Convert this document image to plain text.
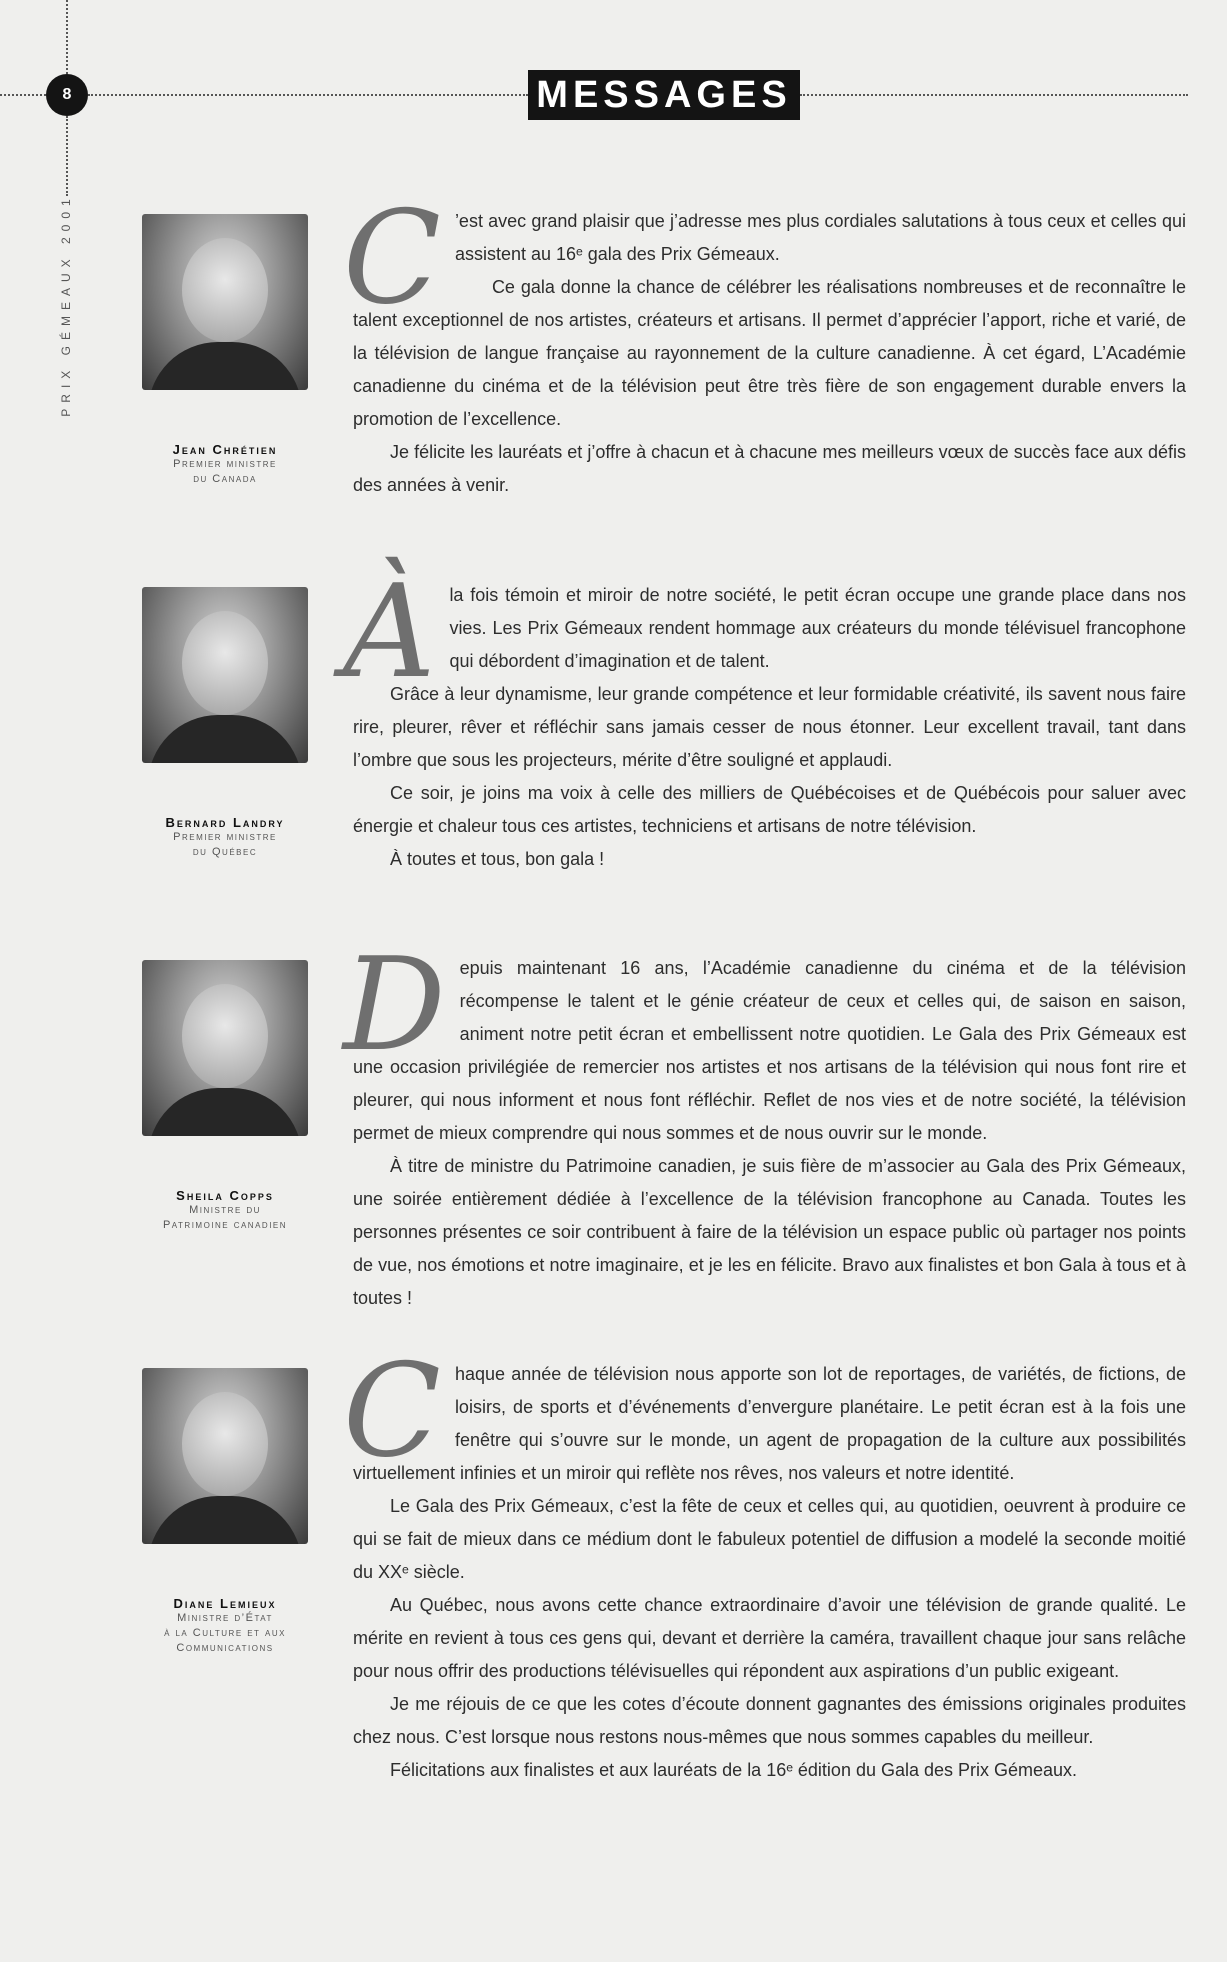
8	MESSAGES
PRIX GÉMEAUX 2001
Jean Chrétien
Premier ministre
du Canada

C ’est avec grand plaisir que j’adresse mes plus cordiales salutations à tous ceux et celles qui assistent au 16ᵉ gala des Prix Gémeaux.

Ce gala donne la chance de célébrer les réalisations nombreuses et de reconnaître le talent exceptionnel de nos artistes, créateurs et artisans. Il permet d’apprécier l’apport, riche et varié, de la télévision de langue française au rayonnement de la culture canadienne. À cet égard, L’Académie canadienne du cinéma et de la télévision peut être très fière de son engagement durable envers la promotion de l’excellence.

Je félicite les lauréats et j’offre à chacun et à chacune mes meilleurs vœux de succès face aux défis des années à venir.

Bernard Landry
Premier ministre
du Québec

Àla fois témoin et miroir de notre société, le petit écran occupe une grande place dans nos vies. Les Prix Gémeaux rendent hommage aux créateurs du monde télévisuel francophone qui débordent d’imagination et de talent.

Grâce à leur dynamisme, leur grande compétence et leur formidable créativité, ils savent nous faire rire, pleurer, rêver et réfléchir sans jamais cesser de nous étonner. Leur excellent travail, tant dans l’ombre que sous les projecteurs, mérite d’être souligné et applaudi.

Ce soir, je joins ma voix à celle des milliers de Québécoises et de Québécois pour saluer avec énergie et chaleur tous ces artistes, techniciens et artisans de notre télévision.

À toutes et tous, bon gala !

Sheila Copps
Ministre du
Patrimoine canadien

Depuis maintenant 16 ans, l’Académie canadienne du cinéma et de la télévision récompense le talent et le génie créateur de ceux et celles qui, de saison en saison, animent notre petit écran et embellissent notre quotidien. Le Gala des Prix Gémeaux est une occasion privilégiée de remercier nos artistes et nos artisans de la télévision qui nous font rire et pleurer, qui nous informent et nous font réfléchir. Reflet de nos vies et de notre société, la télévision permet de mieux comprendre qui nous sommes et de nous ouvrir sur le monde.

À titre de ministre du Patrimoine canadien, je suis fière de m’associer au Gala des Prix Gémeaux, une soirée entièrement dédiée à l’excellence de la télévision francophone au Canada. Toutes les personnes présentes ce soir contribuent à faire de la télévision un espace public où partager nos points de vue, nos émotions et notre imaginaire, et je les en félicite. Bravo aux finalistes et bon Gala à tous et à toutes !

Diane Lemieux
Ministre d’État
à la Culture et aux
Communications

Chaque année de télévision nous apporte son lot de reportages, de variétés, de fictions, de loisirs, de sports et d’événements d’envergure planétaire. Le petit écran est à la fois une fenêtre qui s’ouvre sur le monde, un agent de propagation de la culture aux possibilités virtuellement infinies et un miroir qui reflète nos rêves, nos valeurs et notre identité.

Le Gala des Prix Gémeaux, c’est la fête de ceux et celles qui, au quotidien, oeuvrent à produire ce qui se fait de mieux dans ce médium dont le fabuleux potentiel de diffusion a modelé la seconde moitié du XXᵉ siècle.

Au Québec, nous avons cette chance extraordinaire d’avoir une télévision de grande qualité. Le mérite en revient à tous ces gens qui, devant et derrière la caméra, travaillent chaque jour sans relâche pour nous offrir des productions télévisuelles qui répondent aux aspirations d’un public exigeant.

Je me réjouis de ce que les cotes d’écoute donnent gagnantes des émissions originales produites chez nous. C’est lorsque nous restons nous-mêmes que nous sommes capables du meilleur.

Félicitations aux finalistes et aux lauréats de la 16ᵉ édition du Gala des Prix Gémeaux.
